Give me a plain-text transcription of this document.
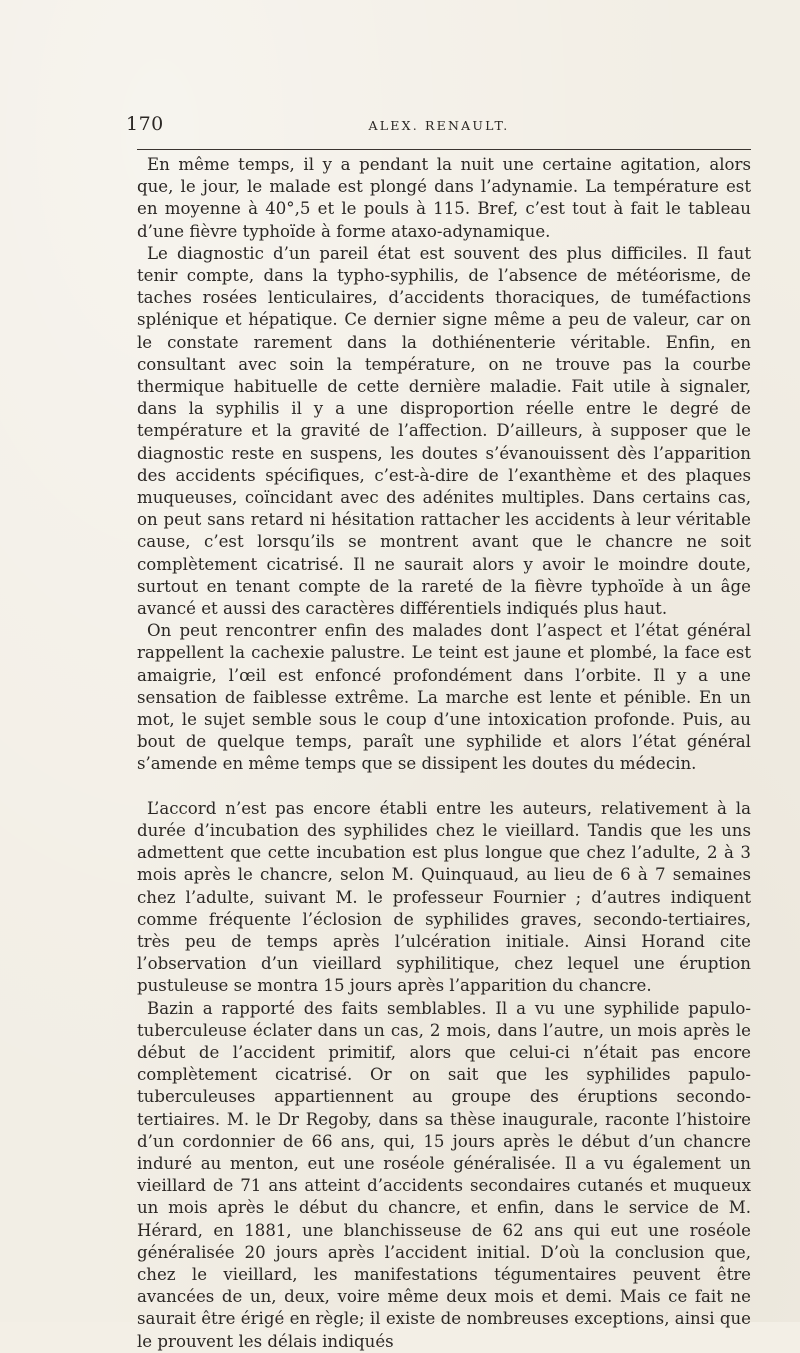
170	ALEX. RENAULT.

En même temps, il y a pendant la nuit une certaine agitation, alors que, le jour, le malade est plongé dans l’adynamie. La température est en moyenne à 40°,5 et le pouls à 115. Bref, c’est tout à fait le tableau d’une fièvre typhoïde à forme ataxo-adynamique.

Le diagnostic d’un pareil état est souvent des plus difficiles. Il faut tenir compte, dans la typho-syphilis, de l’absence de météorisme, de taches rosées lenticulaires, d’accidents thoraciques, de tuméfactions splénique et hépatique. Ce dernier signe même a peu de valeur, car on le constate rarement dans la dothiénenterie véritable. Enfin, en consultant avec soin la température, on ne trouve pas la courbe thermique habituelle de cette dernière maladie. Fait utile à signaler, dans la syphilis il y a une disproportion réelle entre le degré de température et la gravité de l’affection. D’ailleurs, à supposer que le diagnostic reste en suspens, les doutes s’évanouissent dès l’apparition des accidents spécifiques, c’est-à-dire de l’exanthème et des plaques muqueuses, coïncidant avec des adénites multiples. Dans certains cas, on peut sans retard ni hésitation rattacher les accidents à leur véritable cause, c’est lorsqu’ils se montrent avant que le chancre ne soit complètement cicatrisé. Il ne saurait alors y avoir le moindre doute, surtout en tenant compte de la rareté de la fièvre typhoïde à un âge avancé et aussi des caractères différentiels indiqués plus haut.

On peut rencontrer enfin des malades dont l’aspect et l’état général rappellent la cachexie palustre. Le teint est jaune et plombé, la face est amaigrie, l’œil est enfoncé profondément dans l’orbite. Il y a une sensation de faiblesse extrême. La marche est lente et pénible. En un mot, le sujet semble sous le coup d’une intoxication profonde. Puis, au bout de quelque temps, paraît une syphilide et alors l’état général s’amende en même temps que se dissipent les doutes du médecin.

L’accord n’est pas encore établi entre les auteurs, relativement à la durée d’incubation des syphilides chez le vieillard. Tandis que les uns admettent que cette incubation est plus longue que chez l’adulte, 2 à 3 mois après le chancre, selon M. Quinquaud, au lieu de 6 à 7 semaines chez l’adulte, suivant M. le professeur Fournier ; d’autres indiquent comme fréquente l’éclosion de syphilides graves, secondo-tertiaires, très peu de temps après l’ulcération initiale. Ainsi Horand cite l’observation d’un vieillard syphilitique, chez lequel une éruption pustuleuse se montra 15 jours après l’apparition du chancre.

Bazin a rapporté des faits semblables. Il a vu une syphilide papulo-tuberculeuse éclater dans un cas, 2 mois, dans l’autre, un mois après le début de l’accident primitif, alors que celui-ci n’était pas encore complètement cicatrisé. Or on sait que les syphilides papulo-tuberculeuses appartiennent au groupe des éruptions secondo-tertiaires. M. le Dr Regoby, dans sa thèse inaugurale, raconte l’histoire d’un cordonnier de 66 ans, qui, 15 jours après le début d’un chancre induré au menton, eut une roséole généralisée. Il a vu également un vieillard de 71 ans atteint d’accidents secondaires cutanés et muqueux un mois après le début du chancre, et enfin, dans le service de M. Hérard, en 1881, une blanchisseuse de 62 ans qui eut une roséole généralisée 20 jours après l’accident initial. D’où la conclusion que, chez le vieillard, les manifestations tégumentaires peuvent être avancées de un, deux, voire même deux mois et demi. Mais ce fait ne saurait être érigé en règle; il existe de nombreuses exceptions, ainsi que le prouvent les délais indiqués
